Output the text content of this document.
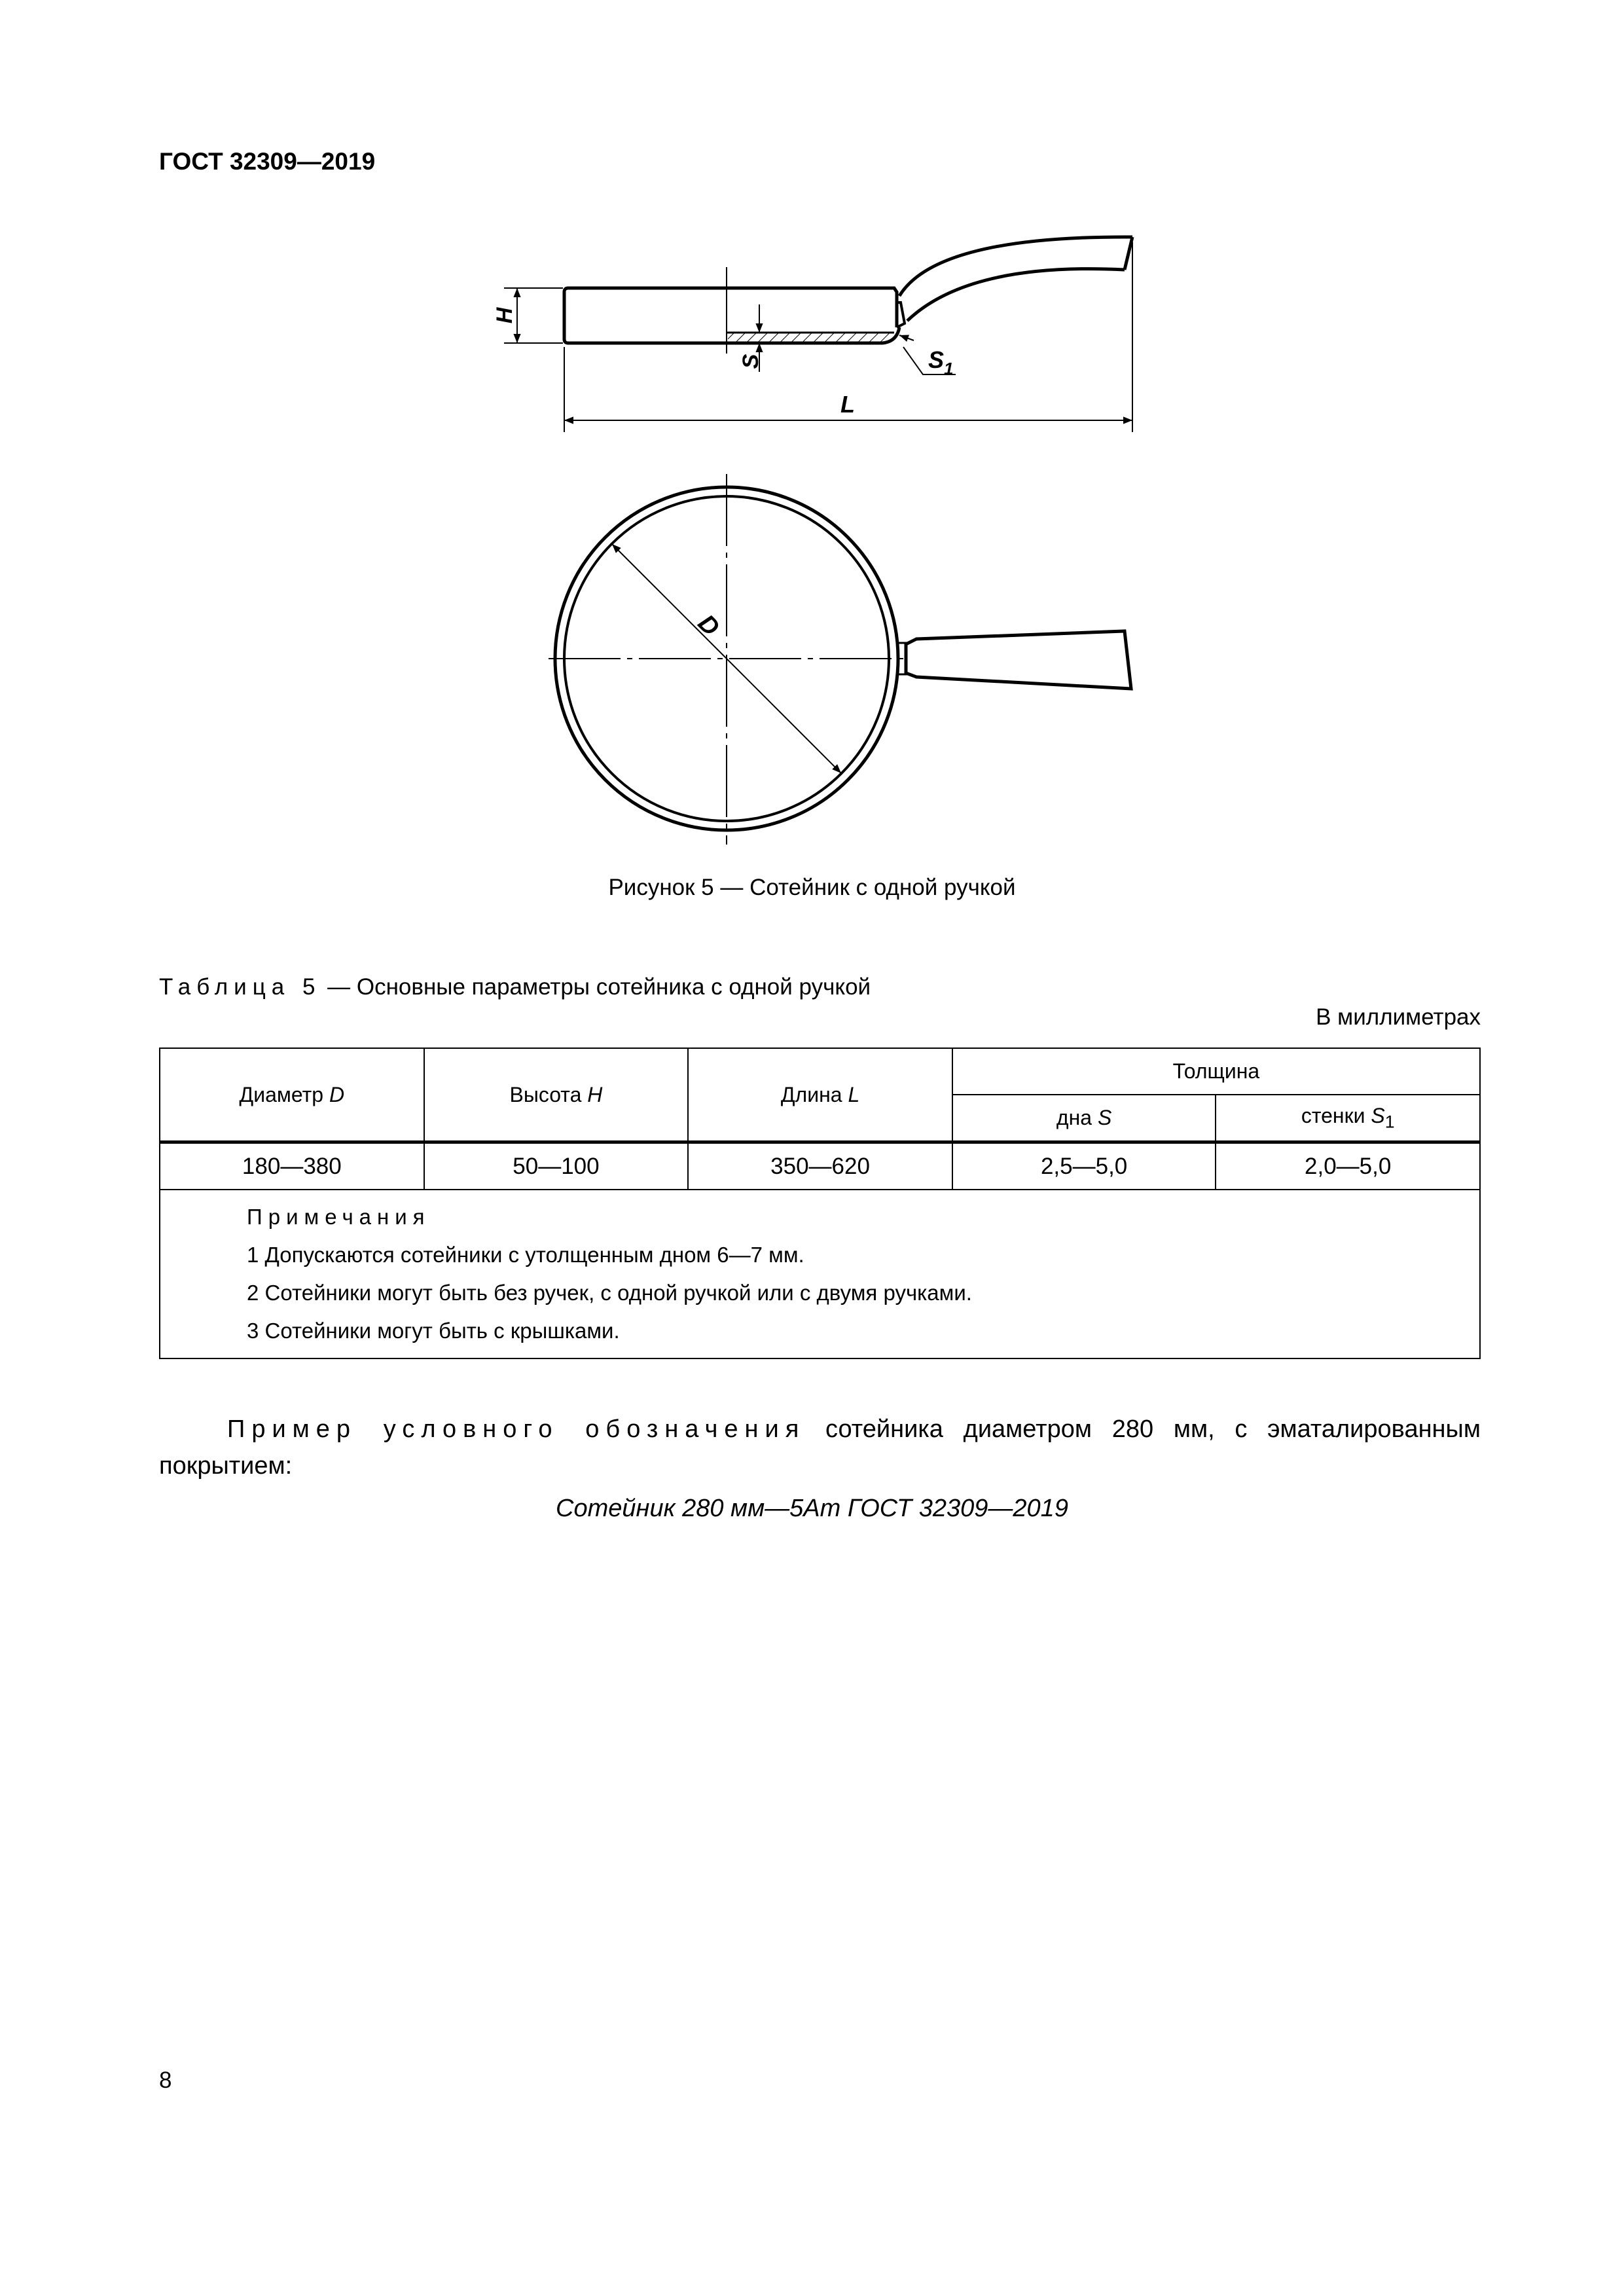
ГОСТ 32309—2019
H
S	$S_1$
L
D
Рисунок 5 — Сотейник с одной ручкой
Таблица 5 — Основные параметры сотейника с одной ручкой
В миллиметрах
Диаметр D	Высота H	Длина L	Толщина	
			дна S	стенки $S_1$
180—380	50—100	350—620	2,5—5,0	2,0—5,0

Примечания
1 Допускаются сотейники с утолщенным дном 6—7 мм.
2 Сотейники могут быть без ручек, с одной ручкой или с двумя ручками.
3 Сотейники могут быть с крышками.				
Пример условного обозначения сотейника диаметром 280 мм, с эматалированным покрытием:
Сотейник 280 мм—5Am ГОСТ 32309—2019
8
